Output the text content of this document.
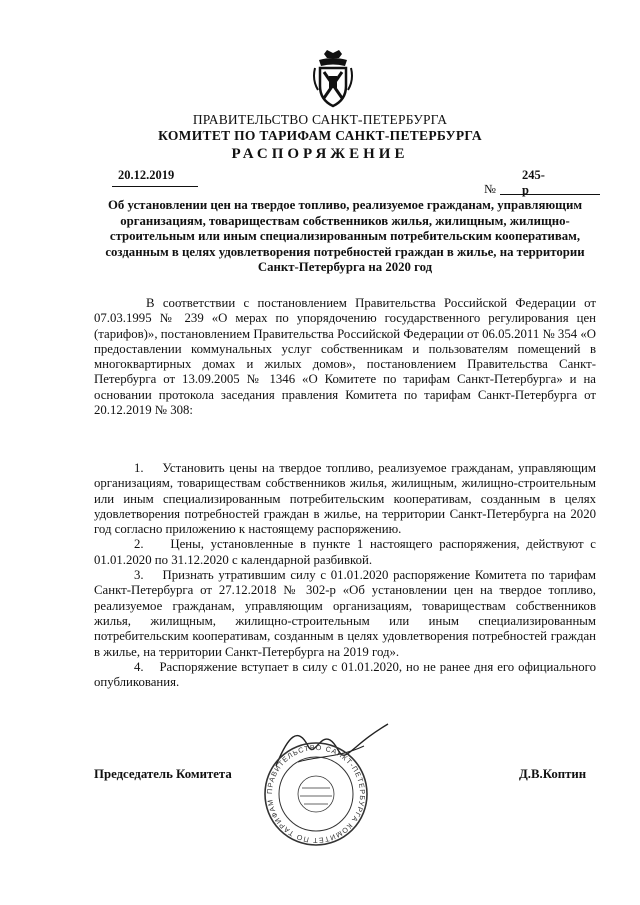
ПРАВИТЕЛЬСТВО САНКТ-ПЕТЕРБУРГА
КОМИТЕТ ПО ТАРИФАМ САНКТ-ПЕТЕРБУРГА
РАСПОРЯЖЕНИЕ
20.12.2019
№
245-р
Об установлении цен на твердое топливо, реализуемое гражданам, управляющим организациям, товариществам собственников жилья, жилищным, жилищно-строительным или иным специализированным потребительским кооперативам, созданным в целях удовлетворения потребностей граждан в жилье, на территории Санкт-Петербурга на 2020 год
В соответствии с постановлением Правительства Российской Федерации от 07.03.1995 № 239 «О мерах по упорядочению государственного регулирования цен (тарифов)», постановлением Правительства Российской Федерации от 06.05.2011 № 354 «О предоставлении коммунальных услуг собственникам и пользователям помещений в многоквартирных домах и жилых домов», постановлением Правительства Санкт-Петербурга от 13.09.2005 № 1346 «О Комитете по тарифам Санкт-Петербурга» и на основании протокола заседания правления Комитета по тарифам Санкт-Петербурга от 20.12.2019 № 308:

1.    Установить цены на твердое топливо, реализуемое гражданам, управляющим организациям, товариществам собственников жилья, жилищным, жилищно-строительным или иным специализированным потребительским кооперативам, созданным в целях удовлетворения потребностей граждан в жилье, на территории Санкт-Петербурга на 2020 год согласно приложению к настоящему распоряжению.

2.    Цены, установленные в пункте 1 настоящего распоряжения, действуют с 01.01.2020 по 31.12.2020 с календарной разбивкой.

3.    Признать утратившим силу с 01.01.2020 распоряжение Комитета по тарифам Санкт-Петербурга от 27.12.2018 № 302-р «Об установлении цен на твердое топливо, реализуемое гражданам, управляющим организациям, товариществам собственников жилья, жилищным, жилищно-строительным или иным специализированным потребительским кооперативам, созданным в целях удовлетворения потребностей граждан в жилье, на территории Санкт-Петербурга на 2019 год».

4.    Распоряжение вступает в силу с 01.01.2020, но не ранее дня его официального опубликования.

Председатель Комитета	Д.В.Коптин
ПРАВИТЕЛЬСТВО САНКТ-ПЕТЕРБУРГА КОМИТЕТ ПО ТАРИФАМ
